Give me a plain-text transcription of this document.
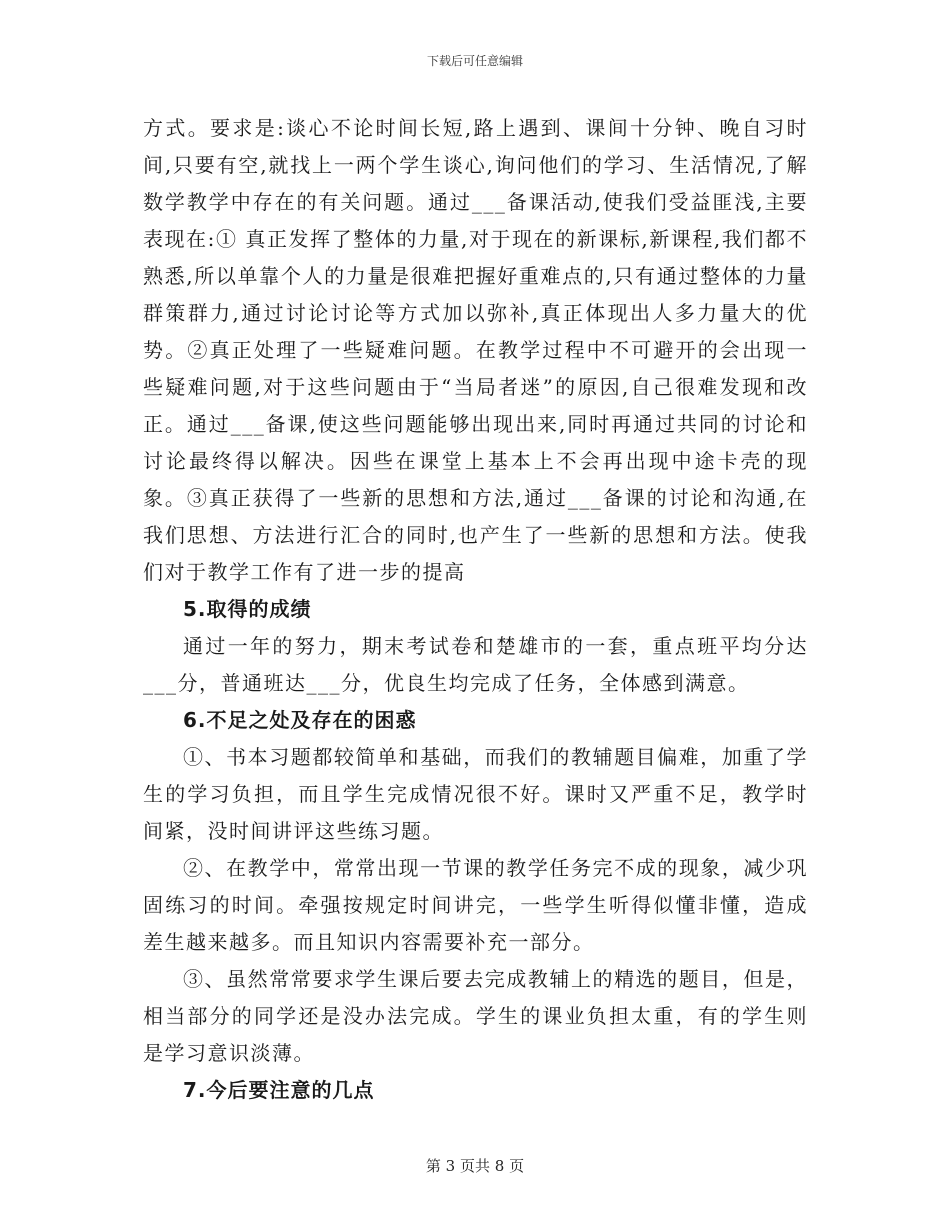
下载后可任意编辑

方式。要求是:谈心不论时间长短,路上遇到、课间十分钟、晚自习时间,只要有空,就找上一两个学生谈心,询问他们的学习、生活情况,了解数学教学中存在的有关问题。通过___备课活动,使我们受益匪浅,主要表现在:① 真正发挥了整体的力量,对于现在的新课标,新课程,我们都不熟悉,所以单靠个人的力量是很难把握好重难点的,只有通过整体的力量群策群力,通过讨论讨论等方式加以弥补,真正体现出人多力量大的优势。②真正处理了一些疑难问题。在教学过程中不可避开的会出现一些疑难问题,对于这些问题由于“当局者迷”的原因,自己很难发现和改正。通过___备课,使这些问题能够出现出来,同时再通过共同的讨论和讨论最终得以解决。因些在课堂上基本上不会再出现中途卡壳的现象。③真正获得了一些新的思想和方法,通过___备课的讨论和沟通,在我们思想、方法进行汇合的同时,也产生了一些新的思想和方法。使我们对于教学工作有了进一步的提高

5.取得的成绩

通过一年的努力，期末考试卷和楚雄市的一套，重点班平均分达___分，普通班达___分，优良生均完成了任务，全体感到满意。

6.不足之处及存在的困惑

①、书本习题都较简单和基础，而我们的教辅题目偏难，加重了学生的学习负担，而且学生完成情况很不好。课时又严重不足，教学时间紧，没时间讲评这些练习题。

②、在教学中，常常出现一节课的教学任务完不成的现象，减少巩固练习的时间。牵强按规定时间讲完，一些学生听得似懂非懂，造成差生越来越多。而且知识内容需要补充一部分。

③、虽然常常要求学生课后要去完成教辅上的精选的题目，但是，相当部分的同学还是没办法完成。学生的课业负担太重，有的学生则是学习意识淡薄。

7.今后要注意的几点

第 3 页共 8 页
